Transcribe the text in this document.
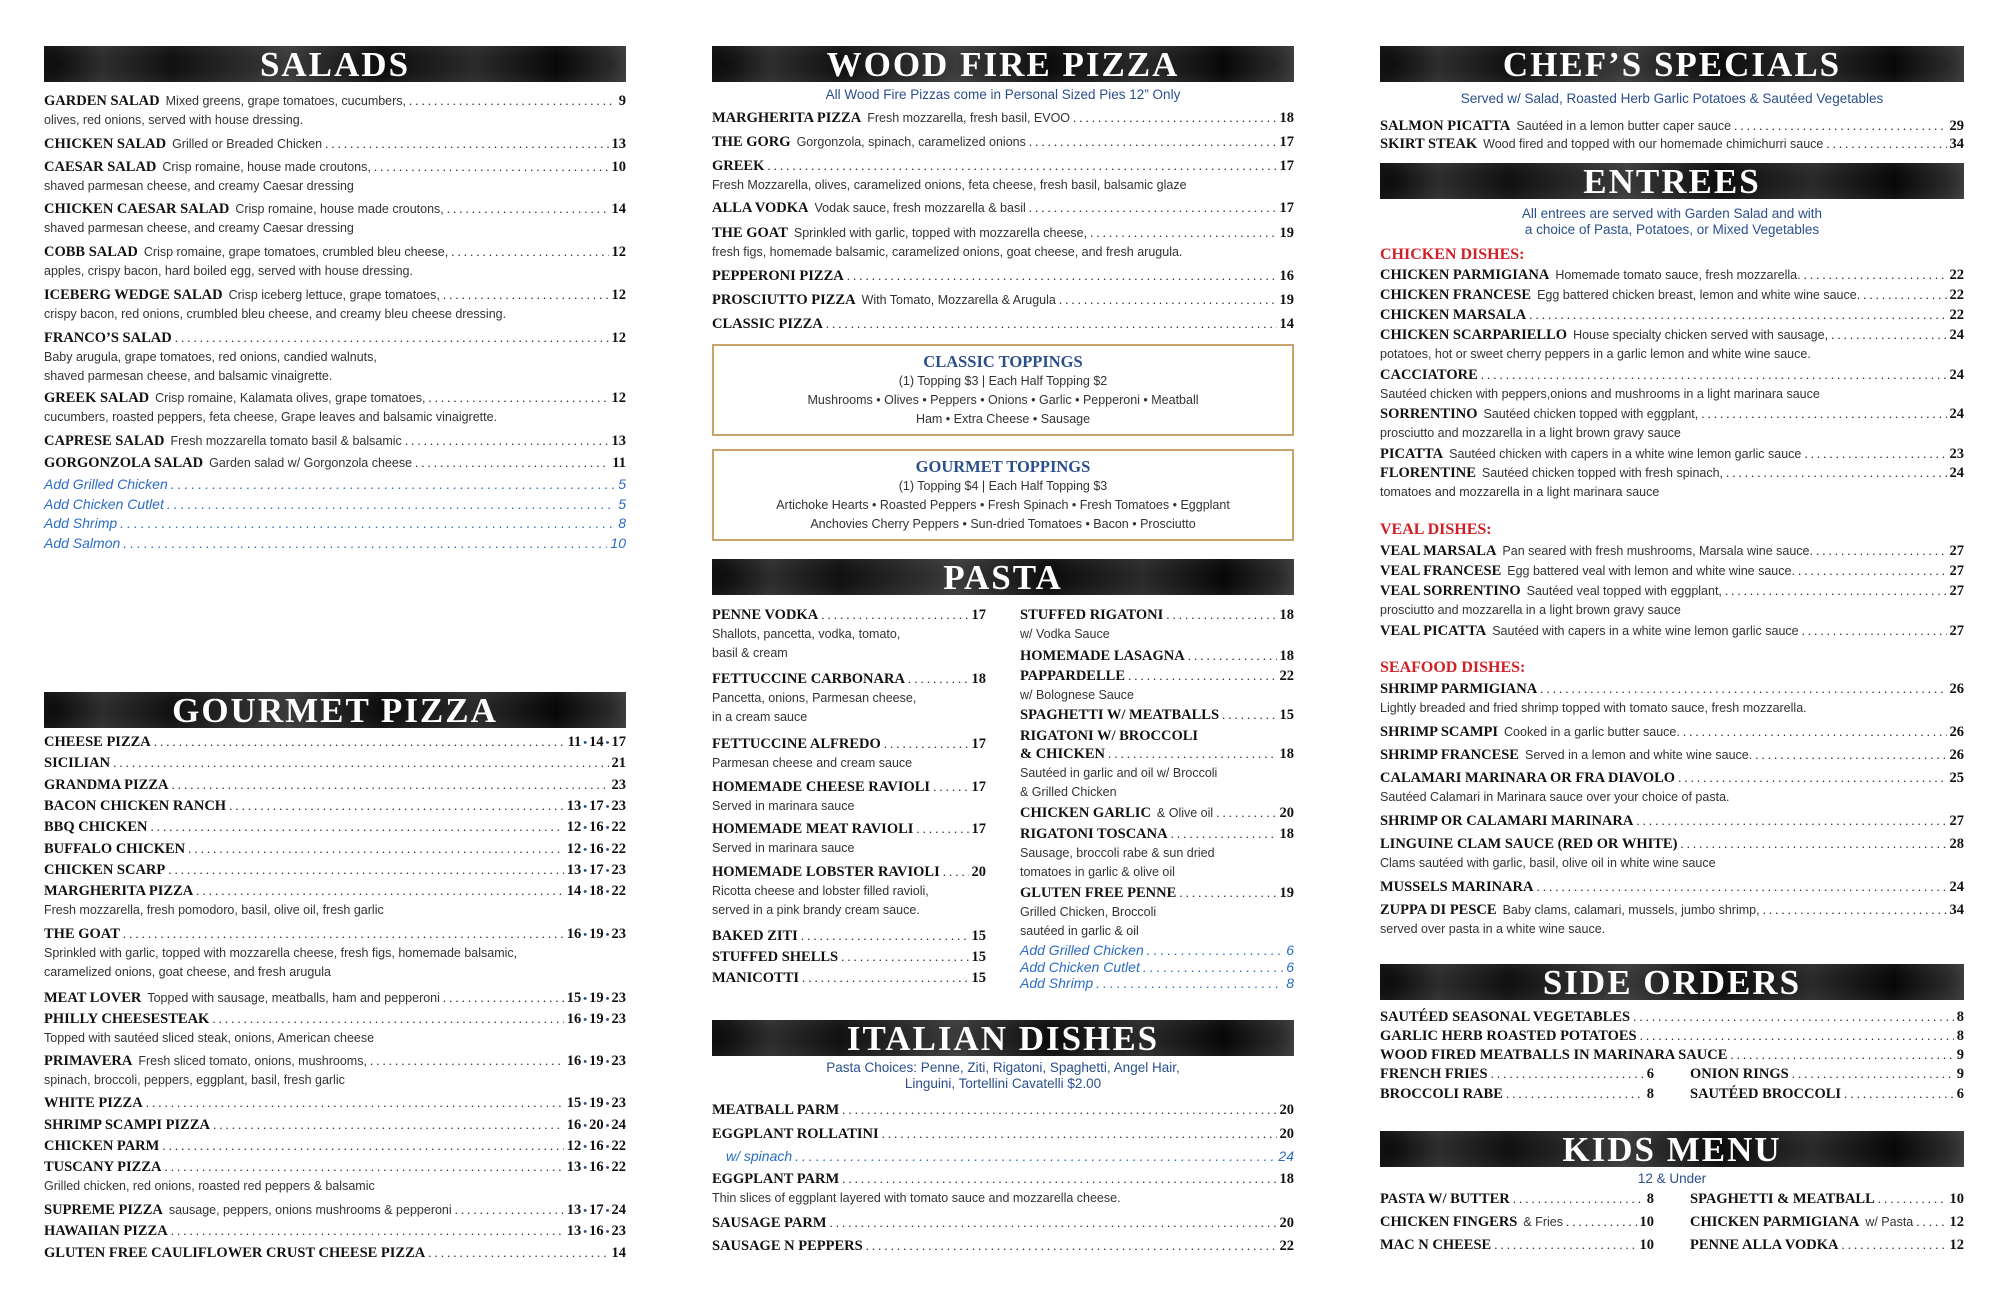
SALADS
GARDEN SALAD Mixed greens, grape tomatoes, cucumbers, .....	9
olives, red onions, served with house dressing.
CHICKEN SALAD Grilled or Breaded Chicken .....	13
CAESAR SALAD Crisp romaine, house made croutons, .....	10
shaved parmesan cheese, and creamy Caesar dressing
CHICKEN CAESAR SALAD Crisp romaine, house made croutons, .....	14
shaved parmesan cheese, and creamy Caesar dressing
COBB SALAD Crisp romaine, grape tomatoes, crumbled bleu cheese, .....	12
apples, crispy bacon, hard boiled egg, served with house dressing.
ICEBERG WEDGE SALAD Crisp iceberg lettuce, grape tomatoes, .....	12
crispy bacon, red onions, crumbled bleu cheese, and creamy bleu cheese dressing.
FRANCO’S SALAD .....	12
Baby arugula, grape tomatoes, red onions, candied walnuts,
shaved parmesan cheese, and balsamic vinaigrette.
GREEK SALAD Crisp romaine, Kalamata olives, grape tomatoes, .....	12
cucumbers, roasted peppers, feta cheese, Grape leaves and balsamic vinaigrette.
CAPRESE SALAD Fresh mozzarella tomato basil & balsamic .....	13
GORGONZOLA SALAD Garden salad w/ Gorgonzola cheese .....	11
Add Grilled Chicken .....	5
Add Chicken Cutlet .....	5
Add Shrimp .....	8
Add Salmon .....	10
GOURMET PIZZA
CHEESE PIZZA .....	11 • 14 • 17
SICILIAN .....	21
GRANDMA PIZZA .....	23
BACON CHICKEN RANCH .....	13 • 17 • 23
BBQ CHICKEN .....	12 • 16 • 22
BUFFALO CHICKEN .....	12 • 16 • 22
CHICKEN SCARP .....	13 • 17 • 23
MARGHERITA PIZZA .....	14 • 18 • 22
Fresh mozzarella, fresh pomodoro, basil, olive oil, fresh garlic
THE GOAT .....	16 • 19 • 23
Sprinkled with garlic, topped with mozzarella cheese, fresh figs, homemade balsamic,
caramelized onions, goat cheese, and fresh arugula
MEAT LOVER Topped with sausage, meatballs, ham and pepperoni .....	15 • 19 • 23
PHILLY CHEESESTEAK .....	16 • 19 • 23
Topped with sautéed sliced steak, onions, American cheese
PRIMAVERA Fresh sliced tomato, onions, mushrooms, .....	16 • 19 • 23
spinach, broccoli, peppers, eggplant, basil, fresh garlic
WHITE PIZZA .....	15 • 19 • 23
SHRIMP SCAMPI PIZZA .....	16 • 20 • 24
CHICKEN PARM .....	12 • 16 • 22
TUSCANY PIZZA .....	13 • 16 • 22
Grilled chicken, red onions, roasted red peppers & balsamic
SUPREME PIZZA sausage, peppers, onions mushrooms & pepperoni .....	13 • 17 • 24
HAWAIIAN PIZZA .....	13 • 16 • 23
GLUTEN FREE CAULIFLOWER CRUST CHEESE PIZZA .....	14
WOOD FIRE PIZZA
All Wood Fire Pizzas come in Personal Sized Pies 12” Only
MARGHERITA PIZZA Fresh mozzarella, fresh basil, EVOO .....	18
THE GORG Gorgonzola, spinach, caramelized onions .....	17
GREEK .....	17
Fresh Mozzarella, olives, caramelized onions, feta cheese, fresh basil, balsamic glaze
ALLA VODKA Vodak sauce, fresh mozzarella & basil .....	17
THE GOAT Sprinkled with garlic, topped with mozzarella cheese, .....	19
fresh figs, homemade balsamic, caramelized onions, goat cheese, and fresh arugula.
PEPPERONI PIZZA .....	16
PROSCIUTTO PIZZA With Tomato, Mozzarella & Arugula .....	19
CLASSIC PIZZA .....	14
CLASSIC TOPPINGS
(1) Topping $3 | Each Half Topping $2
Mushrooms • Olives • Peppers • Onions • Garlic • Pepperoni • Meatball
Ham • Extra Cheese • Sausage
GOURMET TOPPINGS
(1) Topping $4 | Each Half Topping $3
Artichoke Hearts • Roasted Peppers • Fresh Spinach • Fresh Tomatoes • Eggplant
Anchovies Cherry Peppers • Sun-dried Tomatoes • Bacon • Prosciutto
PASTA
PENNE VODKA .....	17
Shallots, pancetta, vodka, tomato,
basil & cream
FETTUCCINE CARBONARA .....	18
Pancetta, onions, Parmesan cheese,
in a cream sauce
FETTUCCINE ALFREDO .....	17
Parmesan cheese and cream sauce
HOMEMADE CHEESE RAVIOLI .....	17
Served in marinara sauce
HOMEMADE MEAT RAVIOLI .....	17
Served in marinara sauce
HOMEMADE LOBSTER RAVIOLI ..... 20
Ricotta cheese and lobster filled ravioli,
served in a pink brandy cream sauce.
BAKED ZITI .....	15
STUFFED SHELLS .....	15
MANICOTTI .....	15
STUFFED RIGATONI .....	18
w/ Vodka Sauce
HOMEMADE LASAGNA .....	18
PAPPARDELLE .....	22
w/ Bolognese Sauce
SPAGHETTI W/ MEATBALLS .....	15
RIGATONI W/ BROCCOLI
& CHICKEN .....	18
Sautéed in garlic and oil w/ Broccoli
& Grilled Chicken
CHICKEN GARLIC & Olive oil .....	20
RIGATONI TOSCANA .....	18
Sausage, broccoli rabe & sun dried
tomatoes in garlic & olive oil
GLUTEN FREE PENNE .....	19
Grilled Chicken, Broccoli
sautéed in garlic & oil
Add Grilled Chicken .....	6
Add Chicken Cutlet .....	6
Add Shrimp .....	8
ITALIAN DISHES
Pasta Choices: Penne, Ziti, Rigatoni, Spaghetti, Angel Hair,
Linguini, Tortellini Cavatelli $2.00
MEATBALL PARM .....	20
EGGPLANT ROLLATINI .....	20
w/ spinach .....	24
EGGPLANT PARM .....	18
Thin slices of eggplant layered with tomato sauce and mozzarella cheese.
SAUSAGE PARM .....	20
SAUSAGE N PEPPERS .....	22
CHEF’S SPECIALS
Served w/ Salad, Roasted Herb Garlic Potatoes & Sautéed Vegetables
SALMON PICATTA Sautéed in a lemon butter caper sauce .....	29
SKIRT STEAK Wood fired and topped with our homemade chimichurri sauce .....	34
ENTREES
All entrees are served with Garden Salad and with
a choice of Pasta, Potatoes, or Mixed Vegetables
CHICKEN DISHES:
CHICKEN PARMIGIANA Homemade tomato sauce, fresh mozzarella. .....	22
CHICKEN FRANCESE Egg battered chicken breast, lemon and white wine sauce. .....	22
CHICKEN MARSALA .....	22
CHICKEN SCARPARIELLO House specialty chicken served with sausage, .....	24
potatoes, hot or sweet cherry peppers in a garlic lemon and white wine sauce.
CACCIATORE .....	24
Sautéed chicken with peppers,onions and mushrooms in a light marinara sauce
SORRENTINO Sautéed chicken topped with eggplant, .....	24
prosciutto and mozzarella in a light brown gravy sauce
PICATTA Sautéed chicken with capers in a white wine lemon garlic sauce .....	23
FLORENTINE Sautéed chicken topped with fresh spinach, .....	24
tomatoes and mozzarella in a light marinara sauce
VEAL DISHES:
VEAL MARSALA Pan seared with fresh mushrooms, Marsala wine sauce. .....	27
VEAL FRANCESE Egg battered veal with lemon and white wine sauce. .....	27
VEAL SORRENTINO Sautéed veal topped with eggplant, .....	27
prosciutto and mozzarella in a light brown gravy sauce
VEAL PICATTA Sautéed with capers in a white wine lemon garlic sauce .....	27
SEAFOOD DISHES:
SHRIMP PARMIGIANA .....	26
Lightly breaded and fried shrimp topped with tomato sauce, fresh mozzarella.
SHRIMP SCAMPI Cooked in a garlic butter sauce. .....	26
SHRIMP FRANCESE Served in a lemon and white wine sauce. .....	26
CALAMARI MARINARA OR FRA DIAVOLO .....	25
Sautéed Calamari in Marinara sauce over your choice of pasta.
SHRIMP OR CALAMARI MARINARA .....	27
LINGUINE CLAM SAUCE (RED OR WHITE) .....	28
Clams sautéed with garlic, basil, olive oil in white wine sauce
MUSSELS MARINARA .....	24
ZUPPA DI PESCE Baby clams, calamari, mussels, jumbo shrimp, .....	34
served over pasta in a white wine sauce.
SIDE ORDERS
SAUTÉED SEASONAL VEGETABLES .....	8
GARLIC HERB ROASTED POTATOES .....	8
WOOD FIRED MEATBALLS IN MARINARA SAUCE .....	9
FRENCH FRIES .....	6
BROCCOLI RABE .....	8
ONION RINGS .....	9
SAUTÉED BROCCOLI .....	6
KIDS MENU
12 & Under
PASTA W/ BUTTER .....	8
CHICKEN FINGERS & Fries .....	10
MAC N CHEESE .....	10
SPAGHETTI & MEATBALL .....	10
CHICKEN PARMIGIANA w/ Pasta .....	12
PENNE ALLA VODKA .....	12
